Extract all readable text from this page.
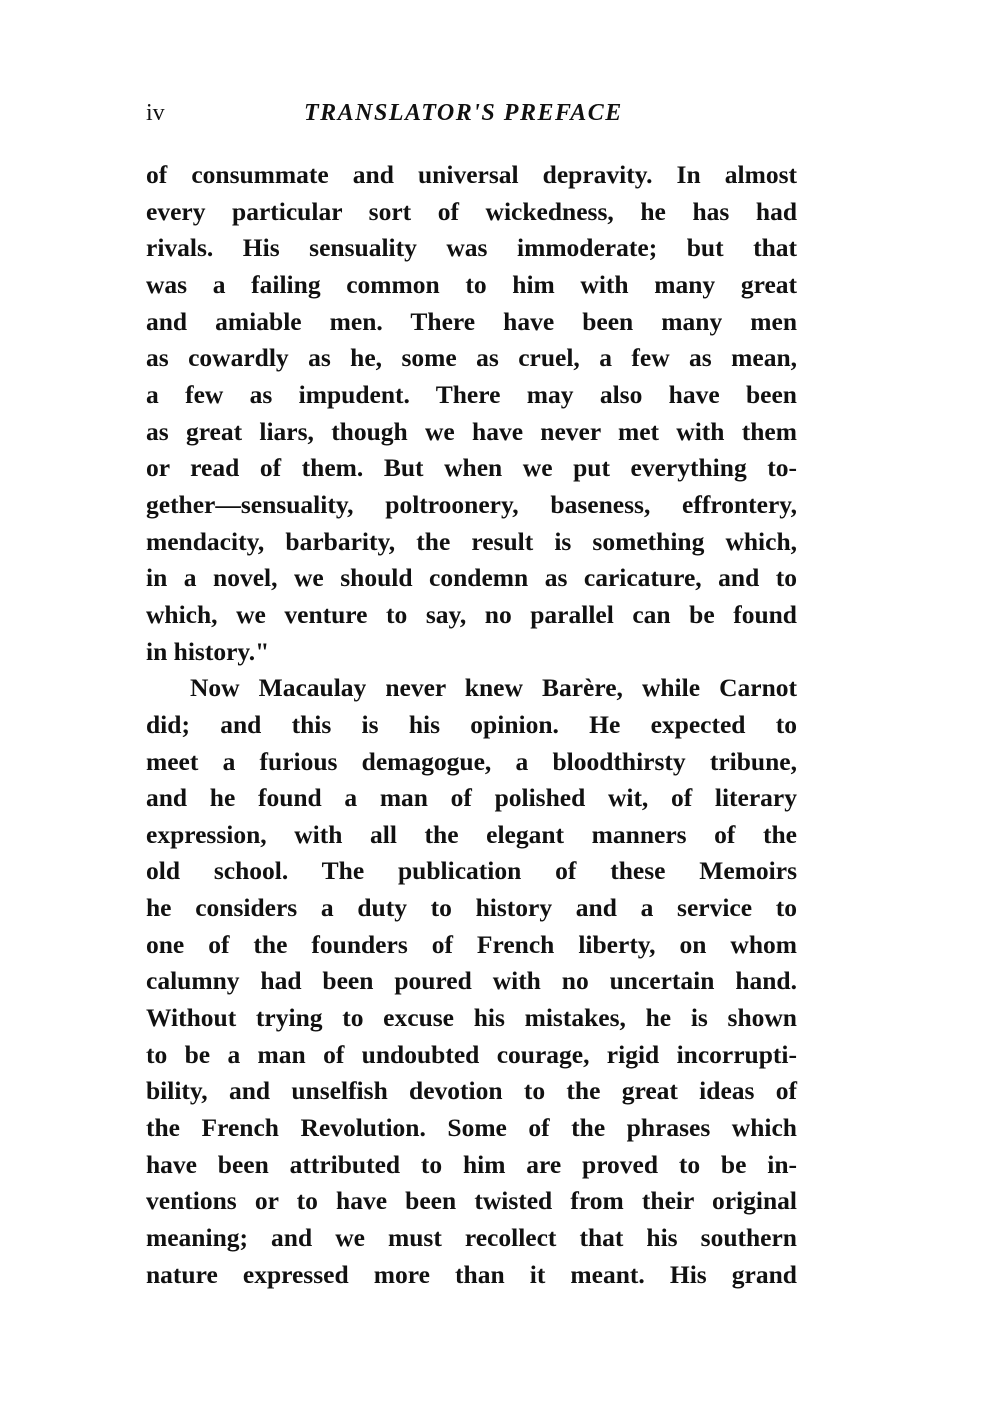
iv	TRANSLATOR'S PREFACE
of consummate and universal depravity. In almost
every particular sort of wickedness, he has had
rivals. His sensuality was immoderate; but that
was a failing common to him with many great
and amiable men. There have been many men
as cowardly as he, some as cruel, a few as mean,
a few as impudent. There may also have been
as great liars, though we have never met with them
or read of them. But when we put everything to-
gether—sensuality, poltroonery, baseness, effrontery,
mendacity, barbarity, the result is something which,
in a novel, we should condemn as caricature, and to
which, we venture to say, no parallel can be found
in history."
Now Macaulay never knew Barère, while Carnot
did; and this is his opinion. He expected to
meet a furious demagogue, a bloodthirsty tribune,
and he found a man of polished wit, of literary
expression, with all the elegant manners of the
old school. The publication of these Memoirs
he considers a duty to history and a service to
one of the founders of French liberty, on whom
calumny had been poured with no uncertain hand.
Without trying to excuse his mistakes, he is shown
to be a man of undoubted courage, rigid incorrupti-
bility, and unselfish devotion to the great ideas of
the French Revolution. Some of the phrases which
have been attributed to him are proved to be in-
ventions or to have been twisted from their original
meaning; and we must recollect that his southern
nature expressed more than it meant. His grand
